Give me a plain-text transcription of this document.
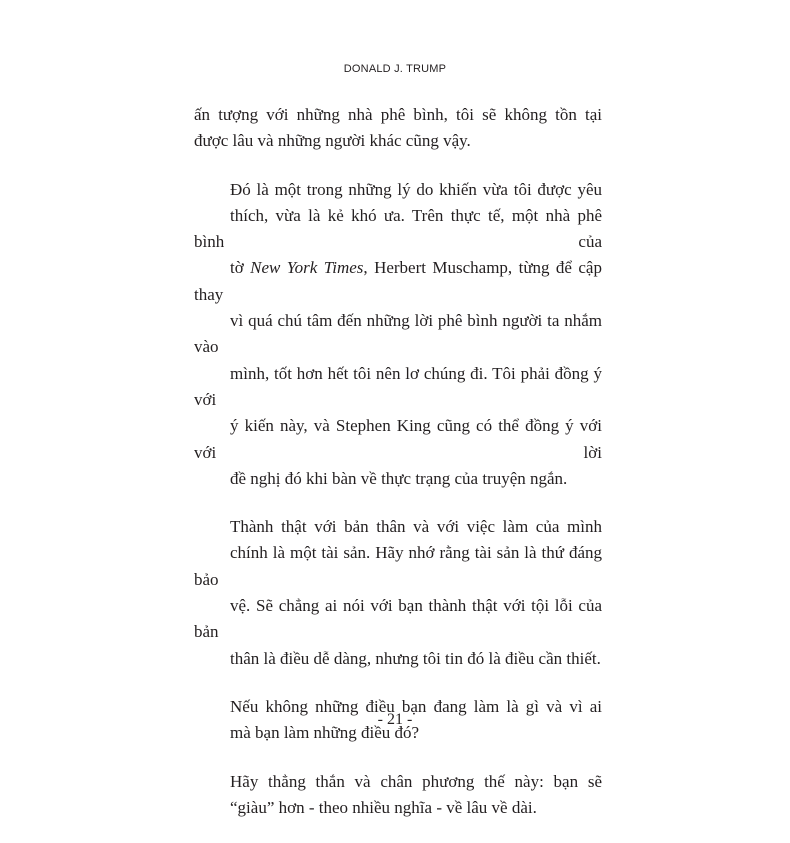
DONALD J. TRUMP

ấn tượng với những nhà phê bình, tôi sẽ không tồn tại
được lâu và những người khác cũng vậy.

Đó là một trong những lý do khiến vừa tôi được yêu
thích, vừa là kẻ khó ưa. Trên thực tế, một nhà phê bình của
tờ New York Times, Herbert Muschamp, từng để cập thay
vì quá chú tâm đến những lời phê bình người ta nhắm vào
mình, tốt hơn hết tôi nên lơ chúng đi. Tôi phải đồng ý với
ý kiến này, và Stephen King cũng có thể đồng ý với với lời
đề nghị đó khi bàn về thực trạng của truyện ngắn.

Thành thật với bản thân và với việc làm của mình
chính là một tài sản. Hãy nhớ rằng tài sản là thứ đáng bảo
vệ. Sẽ chẳng ai nói với bạn thành thật với tội lỗi của bản
thân là điều dễ dàng, nhưng tôi tin đó là điều cần thiết.

Nếu không những điều bạn đang làm là gì và vì ai
mà bạn làm những điều đó?

Hãy thẳng thắn và chân phương thế này: bạn sẽ
“giàu” hơn - theo nhiều nghĩa - về lâu về dài.

- 21 -
